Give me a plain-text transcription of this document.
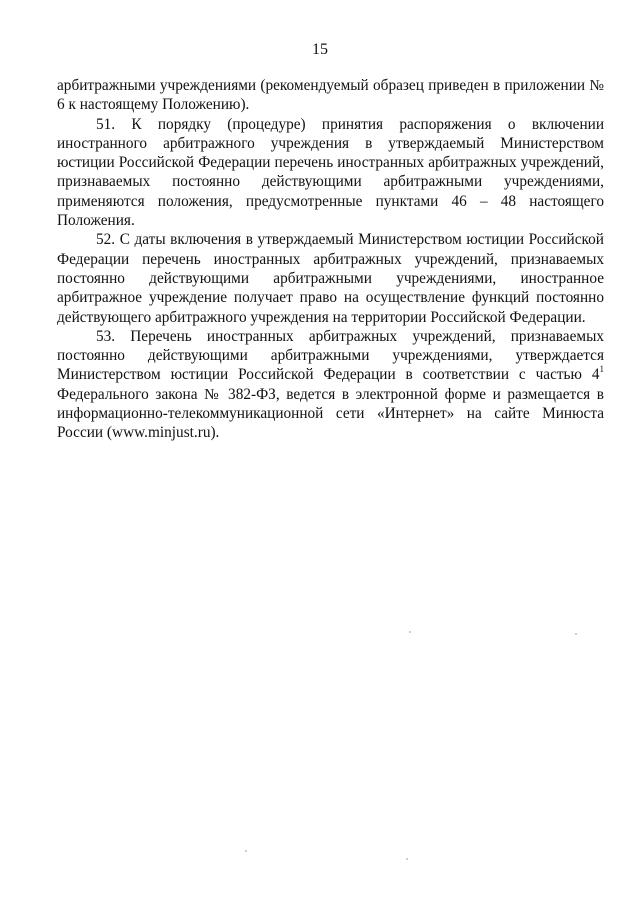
15

арбитражными учреждениями (рекомендуемый образец приведен в приложении № 6 к настоящему Положению).

51. К порядку (процедуре) принятия распоряжения о включении иностранного арбитражного учреждения в утверждаемый Министерством юстиции Российской Федерации перечень иностранных арбитражных учреждений, признаваемых постоянно действующими арбитражными учреждениями, применяются положения, предусмотренные пунктами 46 – 48 настоящего Положения.

52. С даты включения в утверждаемый Министерством юстиции Российской Федерации перечень иностранных арбитражных учреждений, признаваемых постоянно действующими арбитражными учреждениями, иностранное арбитражное учреждение получает право на осуществление функций постоянно действующего арбитражного учреждения на территории Российской Федерации.

53. Перечень иностранных арбитражных учреждений, признаваемых

постоянно действующими арбитражными учреждениями, утверждается

Министерством юстиции Российской Федерации в соответствии с частью $4^1$

Федерального закона № 382-ФЗ, ведется в электронной форме и размещается в информационно-телекоммуникационной сети «Интернет» на сайте Минюста России (www.minjust.ru).
